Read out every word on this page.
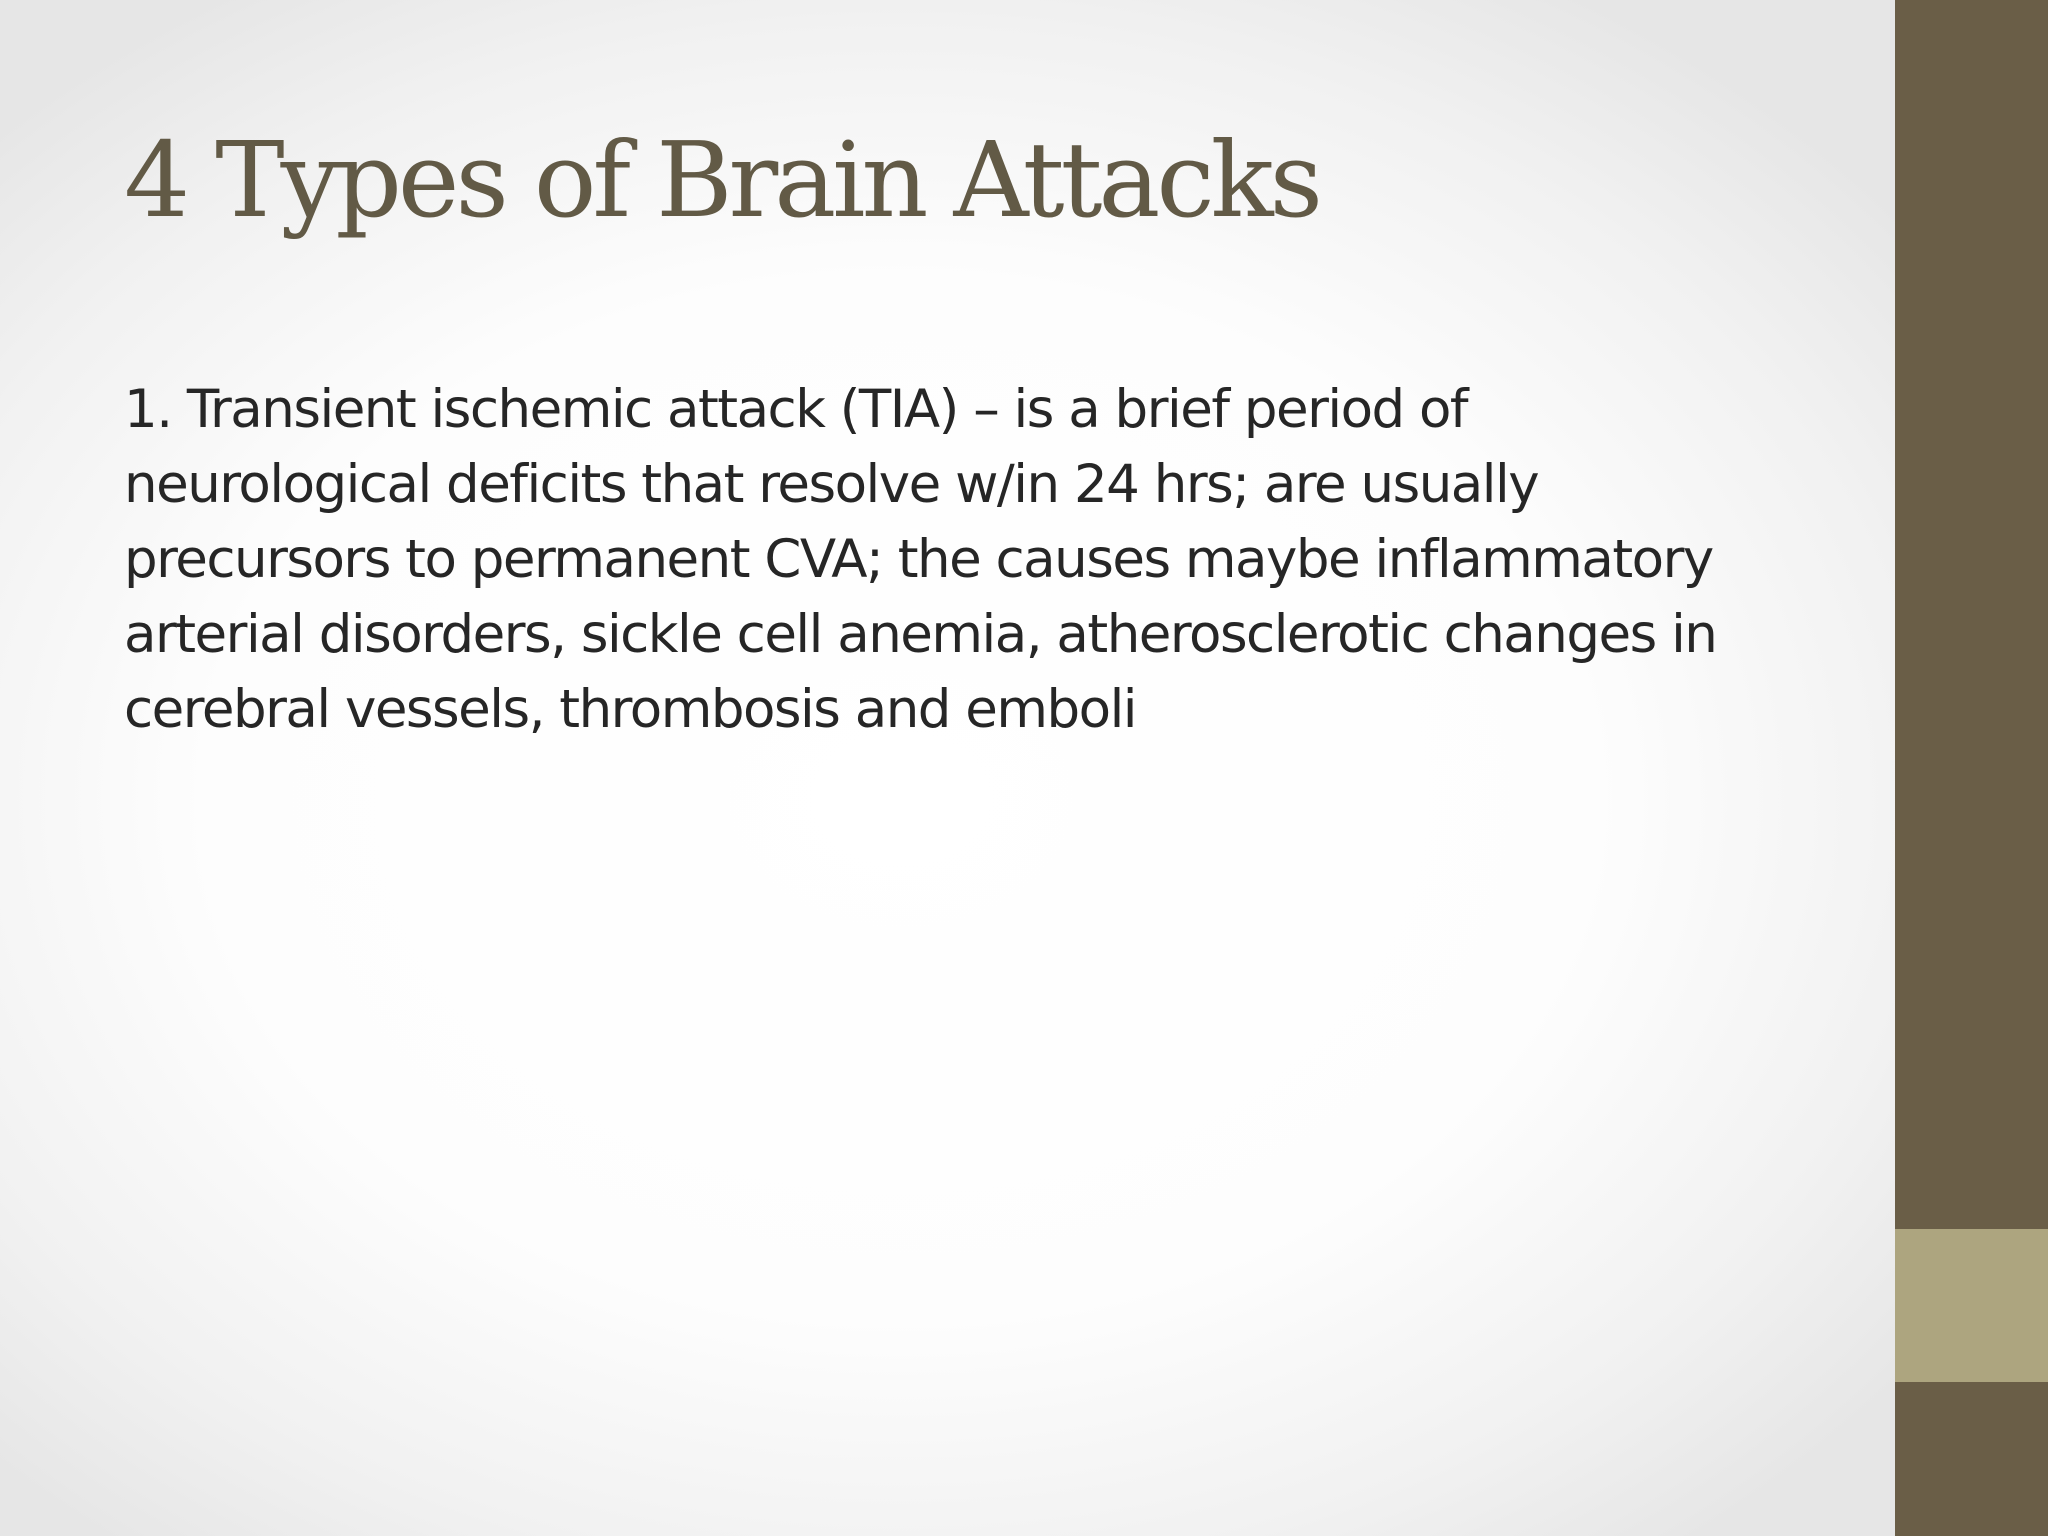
4 Types of Brain Attacks
1. Transient ischemic attack (TIA) – is a brief period of
neurological deficits that resolve w/in 24 hrs; are usually
precursors to permanent CVA; the causes maybe inflammatory
arterial disorders, sickle cell anemia, atherosclerotic changes in
cerebral vessels, thrombosis and emboli
